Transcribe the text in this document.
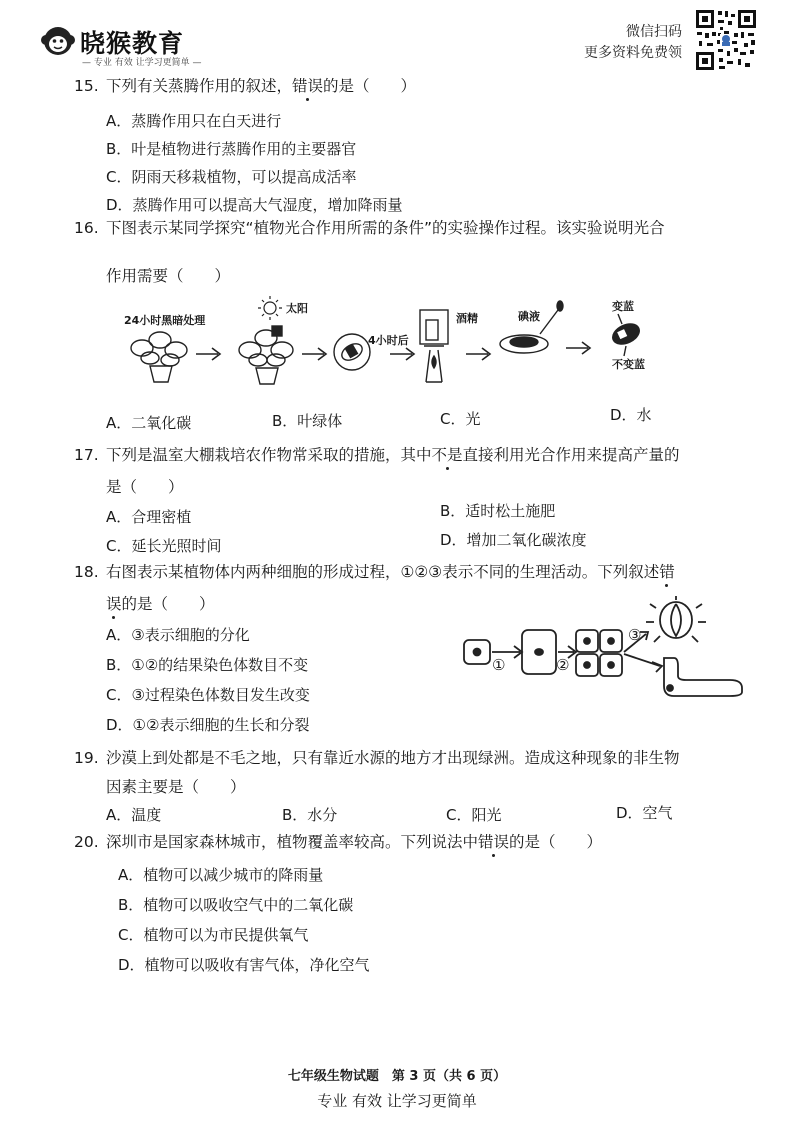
晓猴教育
— 专业 有效 让学习更简单 —
微信扫码
更多资料免费领
15. 下列有关蒸腾作用的叙述，错误的是（　　）
A．蒸腾作用只在白天进行
B．叶是植物进行蒸腾作用的主要器官
C．阴雨天移栽植物，可以提高成活率
D．蒸腾作用可以提高大气湿度，增加降雨量
16. 下图表示某同学探究“植物光合作用所需的条件”的实验操作过程。该实验说明光合
作用需要（　　）
24小时黑暗处理
太阳
4小时后
酒精	碘液
变蓝
不变蓝
A．二氧化碳	B．叶绿体	C．光	D．水
17. 下列是温室大棚栽培农作物常采取的措施，其中不是直接利用光合作用来提高产量的
是（　　）
A．合理密植	B．适时松土施肥
C．延长光照时间	D．增加二氧化碳浓度
18. 右图表示某植物体内两种细胞的形成过程，①②③表示不同的生理活动。下列叙述错
误的是（　　）
A．③表示细胞的分化
B．①②的结果染色体数目不变
C．③过程染色体数目发生改变
D．①②表示细胞的生长和分裂
①	②
③
19. 沙漠上到处都是不毛之地，只有靠近水源的地方才出现绿洲。造成这种现象的非生物
因素主要是（　　）
A．温度	B．水分	C．阳光	D．空气
20. 深圳市是国家森林城市，植物覆盖率较高。下列说法中错误的是（　　）
A．植物可以减少城市的降雨量
B．植物可以吸收空气中的二氧化碳
C．植物可以为市民提供氧气
D．植物可以吸收有害气体，净化空气
七年级生物试题　第 3 页（共 6 页）
专业 有效 让学习更简单
